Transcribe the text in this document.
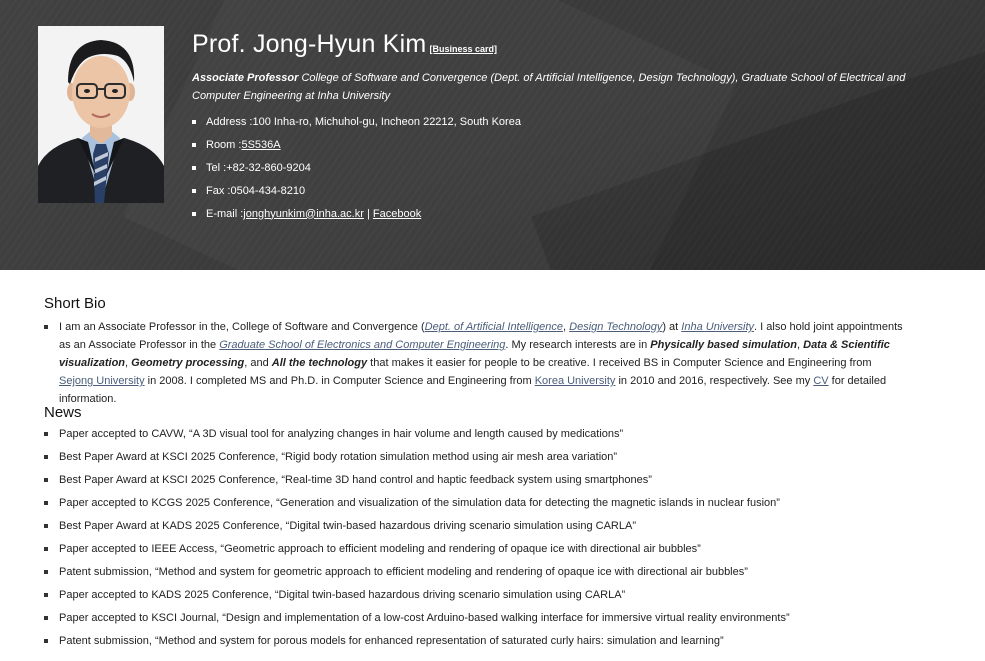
Prof. Jong-Hyun Kim [Business card]
Associate Professor College of Software and Convergence (Dept. of Artificial Intelligence, Design Technology), Graduate School of Electrical and Computer Engineering at Inha University
Address : 100 Inha-ro, Michuhol-gu, Incheon 22212, South Korea
Room : 5S536A
Tel : +82-32-860-9204
Fax : 0504-434-8210
E-mail : jonghyunkim@inha.ac.kr | Facebook
Short Bio
I am an Associate Professor in the, College of Software and Convergence (Dept. of Artificial Intelligence, Design Technology) at Inha University. I also hold joint appointments as an Associate Professor in the Graduate School of Electronics and Computer Engineering. My research interests are in Physically based simulation, Data & Scientific visualization, Geometry processing, and All the technology that makes it easier for people to be creative. I received BS in Computer Science and Engineering from Sejong University in 2008. I completed MS and Ph.D. in Computer Science and Engineering from Korea University in 2010 and 2016, respectively. See my CV for detailed information.
News
Paper accepted to CAVW, “A 3D visual tool for analyzing changes in hair volume and length caused by medications”
Best Paper Award at KSCI 2025 Conference, “Rigid body rotation simulation method using air mesh area variation”
Best Paper Award at KSCI 2025 Conference, “Real-time 3D hand control and haptic feedback system using smartphones”
Paper accepted to KCGS 2025 Conference, “Generation and visualization of the simulation data for detecting the magnetic islands in nuclear fusion”
Best Paper Award at KADS 2025 Conference, “Digital twin-based hazardous driving scenario simulation using CARLA”
Paper accepted to IEEE Access, “Geometric approach to efficient modeling and rendering of opaque ice with directional air bubbles”
Patent submission, “Method and system for geometric approach to efficient modeling and rendering of opaque ice with directional air bubbles”
Paper accepted to KADS 2025 Conference, “Digital twin-based hazardous driving scenario simulation using CARLA”
Paper accepted to KSCI Journal, “Design and implementation of a low-cost Arduino-based walking interface for immersive virtual reality environments”
Patent submission, “Method and system for porous models for enhanced representation of saturated curly hairs: simulation and learning”
